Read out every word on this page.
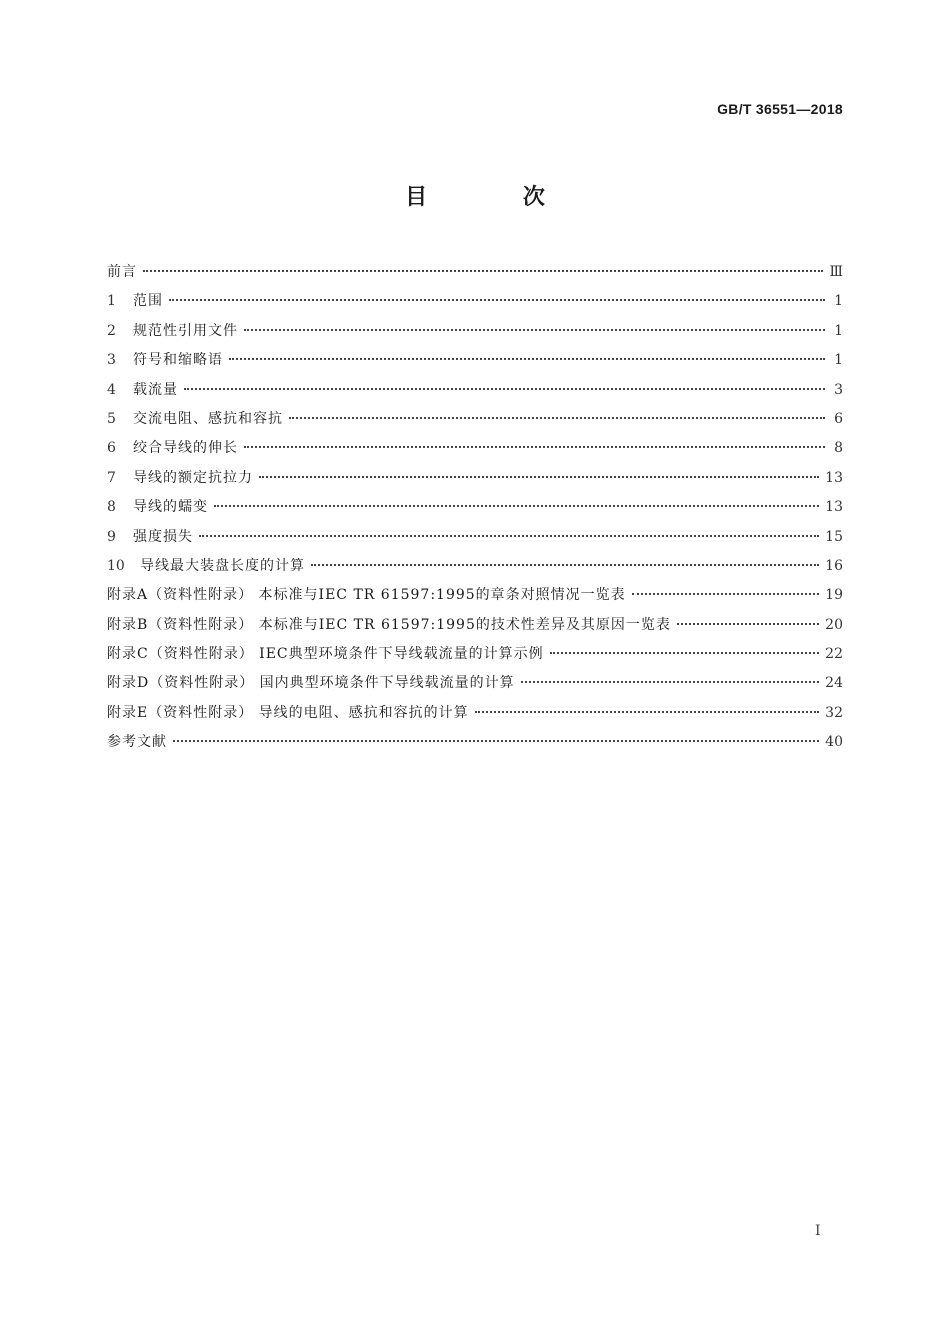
GB/T 36551—2018
目 次
前言	Ⅲ
1	范围	1
2	规范性引用文件	1
3	符号和缩略语	1
4	载流量	3
5	交流电阻、感抗和容抗	6
6	绞合导线的伸长	8
7	导线的额定抗拉力	13
8	导线的蠕变	13
9	强度损失	15
10	导线最大装盘长度的计算	16
附录A（资料性附录） 本标准与IEC TR 61597:1995的章条对照情况一览表	19
附录B（资料性附录） 本标准与IEC TR 61597:1995的技术性差异及其原因一览表	20
附录C（资料性附录） IEC典型环境条件下导线载流量的计算示例	22
附录D（资料性附录） 国内典型环境条件下导线载流量的计算	24
附录E（资料性附录） 导线的电阻、感抗和容抗的计算	32
参考文献	40
I
